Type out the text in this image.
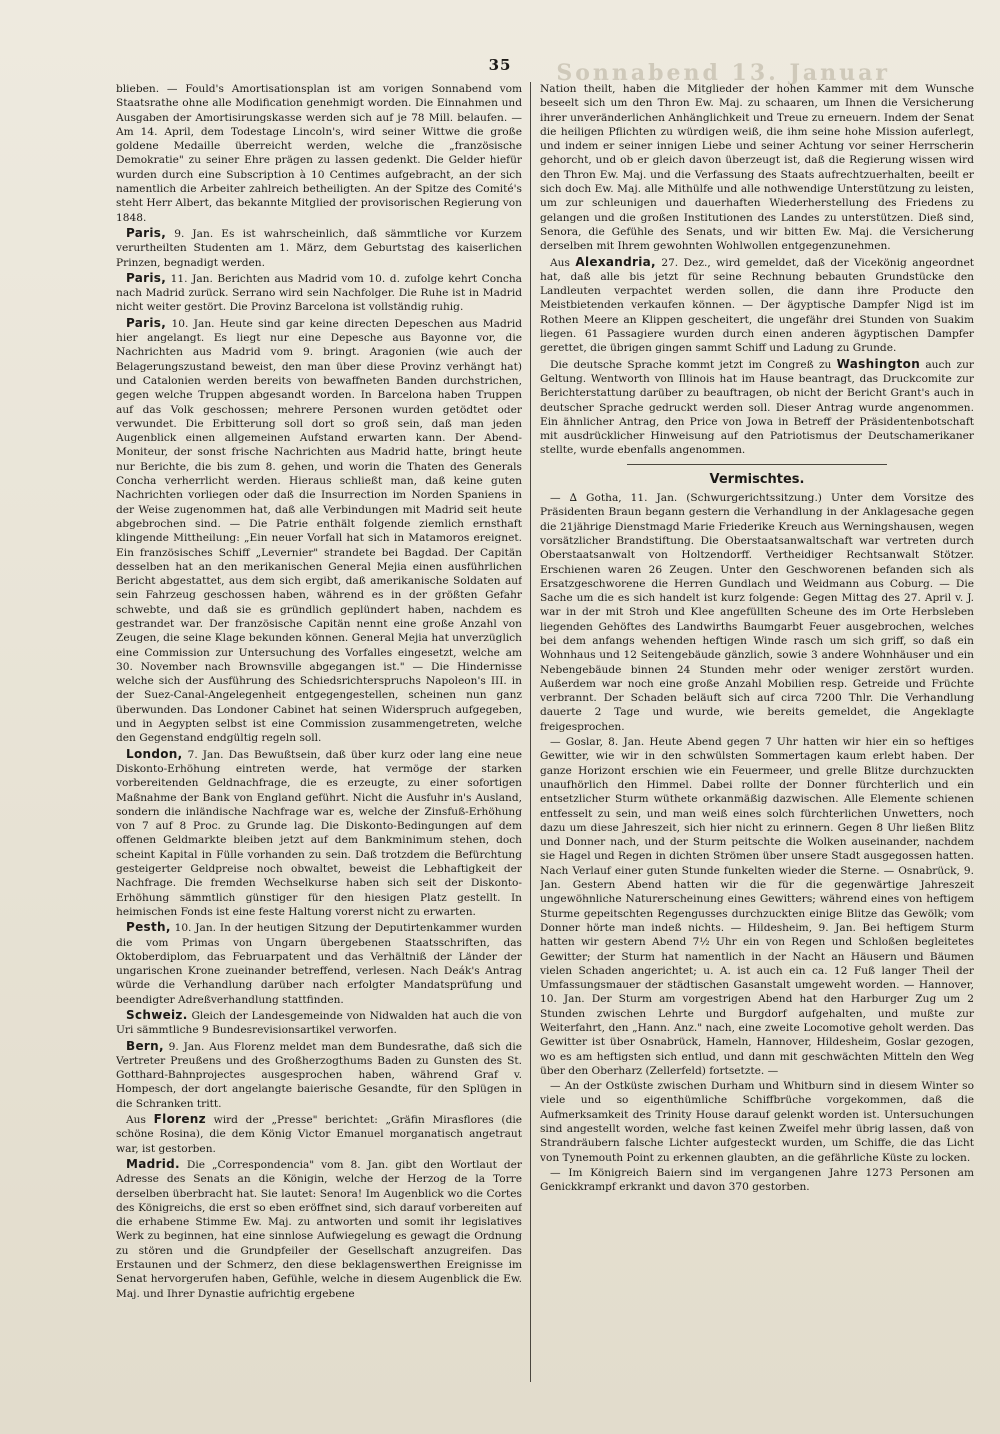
Sonnabend 13. Januar
35

blieben. — Fould's Amortisationsplan ist am vorigen Sonnabend vom Staatsrathe ohne alle Modification genehmigt worden. Die Einnahmen und Ausgaben der Amortisirungskasse werden sich auf je 78 Mill. belaufen. — Am 14. April, dem Todestage Lincoln's, wird seiner Wittwe die große goldene Medaille überreicht werden, welche die „französische Demokratie" zu seiner Ehre prägen zu lassen gedenkt. Die Gelder hiefür wurden durch eine Subscription à 10 Centimes aufgebracht, an der sich namentlich die Arbeiter zahlreich betheiligten. An der Spitze des Comité's steht Herr Albert, das bekannte Mitglied der provisorischen Regierung von 1848.

Paris, 9. Jan. Es ist wahrscheinlich, daß sämmtliche vor Kurzem verurtheilten Studenten am 1. März, dem Geburtstag des kaiserlichen Prinzen, begnadigt werden.

Paris, 11. Jan. Berichten aus Madrid vom 10. d. zufolge kehrt Concha nach Madrid zurück. Serrano wird sein Nachfolger. Die Ruhe ist in Madrid nicht weiter gestört. Die Provinz Barcelona ist vollständig ruhig.

Paris, 10. Jan. Heute sind gar keine directen Depeschen aus Madrid hier angelangt. Es liegt nur eine Depesche aus Bayonne vor, die Nachrichten aus Madrid vom 9. bringt. Aragonien (wie auch der Belagerungszustand beweist, den man über diese Provinz verhängt hat) und Catalonien werden bereits von bewaffneten Banden durchstrichen, gegen welche Truppen abgesandt worden. In Barcelona haben Truppen auf das Volk geschossen; mehrere Personen wurden getödtet oder verwundet. Die Erbitterung soll dort so groß sein, daß man jeden Augenblick einen allgemeinen Aufstand erwarten kann. Der Abend-Moniteur, der sonst frische Nachrichten aus Madrid hatte, bringt heute nur Berichte, die bis zum 8. gehen, und worin die Thaten des Generals Concha verherrlicht werden. Hieraus schließt man, daß keine guten Nachrichten vorliegen oder daß die Insurrection im Norden Spaniens in der Weise zugenommen hat, daß alle Verbindungen mit Madrid seit heute abgebrochen sind. — Die Patrie enthält folgende ziemlich ernsthaft klingende Mittheilung: „Ein neuer Vorfall hat sich in Matamoros ereignet. Ein französisches Schiff „Levernier" strandete bei Bagdad. Der Capitän desselben hat an den merikanischen General Mejia einen ausführlichen Bericht abgestattet, aus dem sich ergibt, daß amerikanische Soldaten auf sein Fahrzeug geschossen haben, während es in der größten Gefahr schwebte, und daß sie es gründlich geplündert haben, nachdem es gestrandet war. Der französische Capitän nennt eine große Anzahl von Zeugen, die seine Klage bekunden können. General Mejia hat unverzüglich eine Commission zur Untersuchung des Vorfalles eingesetzt, welche am 30. November nach Brownsville abgegangen ist." — Die Hindernisse welche sich der Ausführung des Schiedsrichterspruchs Napoleon's III. in der Suez-Canal-Angelegenheit entgegengestellen, scheinen nun ganz überwunden. Das Londoner Cabinet hat seinen Widerspruch aufgegeben, und in Aegypten selbst ist eine Commission zusammengetreten, welche den Gegenstand endgültig regeln soll.

London, 7. Jan. Das Bewußtsein, daß über kurz oder lang eine neue Diskonto-Erhöhung eintreten werde, hat vermöge der starken vorbereitenden Geldnachfrage, die es erzeugte, zu einer sofortigen Maßnahme der Bank von England geführt. Nicht die Ausfuhr in's Ausland, sondern die inländische Nachfrage war es, welche der Zinsfuß-Erhöhung von 7 auf 8 Proc. zu Grunde lag. Die Diskonto-Bedingungen auf dem offenen Geldmarkte bleiben jetzt auf dem Bankminimum stehen, doch scheint Kapital in Fülle vorhanden zu sein. Daß trotzdem die Befürchtung gesteigerter Geldpreise noch obwaltet, beweist die Lebhaftigkeit der Nachfrage. Die fremden Wechselkurse haben sich seit der Diskonto-Erhöhung sämmtlich günstiger für den hiesigen Platz gestellt. In heimischen Fonds ist eine feste Haltung vorerst nicht zu erwarten.

Pesth, 10. Jan. In der heutigen Sitzung der Deputirtenkammer wurden die vom Primas von Ungarn übergebenen Staatsschriften, das Oktoberdiplom, das Februarpatent und das Verhältniß der Länder der ungarischen Krone zueinander betreffend, verlesen. Nach Deák's Antrag würde die Verhandlung darüber nach erfolgter Mandatsprüfung und beendigter Adreßverhandlung stattfinden.

Schweiz. Gleich der Landesgemeinde von Nidwalden hat auch die von Uri sämmtliche 9 Bundesrevisionsartikel verworfen.

Bern, 9. Jan. Aus Florenz meldet man dem Bundesrathe, daß sich die Vertreter Preußens und des Großherzogthums Baden zu Gunsten des St. Gotthard-Bahnprojectes ausgesprochen haben, während Graf v. Hompesch, der dort angelangte baierische Gesandte, für den Splügen in die Schranken tritt.

Aus Florenz wird der „Presse" berichtet: „Gräfin Mirasflores (die schöne Rosina), die dem König Victor Emanuel morganatisch angetraut war, ist gestorben.

Madrid. Die „Correspondencia" vom 8. Jan. gibt den Wortlaut der Adresse des Senats an die Königin, welche der Herzog de la Torre derselben überbracht hat. Sie lautet: Senora! Im Augenblick wo die Cortes des Königreichs, die erst so eben eröffnet sind, sich darauf vorbereiten auf die erhabene Stimme Ew. Maj. zu antworten und somit ihr legislatives Werk zu beginnen, hat eine sinnlose Aufwiegelung es gewagt die Ordnung zu stören und die Grundpfeiler der Gesellschaft anzugreifen. Das Erstaunen und der Schmerz, den diese beklagenswerthen Ereignisse im Senat hervorgerufen haben, Gefühle, welche in diesem Augenblick die Ew. Maj. und Ihrer Dynastie aufrichtig ergebene

Nation theilt, haben die Mitglieder der hohen Kammer mit dem Wunsche beseelt sich um den Thron Ew. Maj. zu schaaren, um Ihnen die Versicherung ihrer unveränderlichen Anhänglichkeit und Treue zu erneuern. Indem der Senat die heiligen Pflichten zu würdigen weiß, die ihm seine hohe Mission auferlegt, und indem er seiner innigen Liebe und seiner Achtung vor seiner Herrscherin gehorcht, und ob er gleich davon überzeugt ist, daß die Regierung wissen wird den Thron Ew. Maj. und die Verfassung des Staats aufrechtzuerhalten, beeilt er sich doch Ew. Maj. alle Mithülfe und alle nothwendige Unterstützung zu leisten, um zur schleunigen und dauerhaften Wiederherstellung des Friedens zu gelangen und die großen Institutionen des Landes zu unterstützen. Dieß sind, Senora, die Gefühle des Senats, und wir bitten Ew. Maj. die Versicherung derselben mit Ihrem gewohnten Wohlwollen entgegenzunehmen.

Aus Alexandria, 27. Dez., wird gemeldet, daß der Vicekönig angeordnet hat, daß alle bis jetzt für seine Rechnung bebauten Grundstücke den Landleuten verpachtet werden sollen, die dann ihre Producte den Meistbietenden verkaufen können. — Der ägyptische Dampfer Nigd ist im Rothen Meere an Klippen gescheitert, die ungefähr drei Stunden von Suakim liegen. 61 Passagiere wurden durch einen anderen ägyptischen Dampfer gerettet, die übrigen gingen sammt Schiff und Ladung zu Grunde.

Die deutsche Sprache kommt jetzt im Congreß zu Washington auch zur Geltung. Wentworth von Illinois hat im Hause beantragt, das Druckcomite zur Berichterstattung darüber zu beauftragen, ob nicht der Bericht Grant's auch in deutscher Sprache gedruckt werden soll. Dieser Antrag wurde angenommen. Ein ähnlicher Antrag, den Price von Jowa in Betreff der Präsidentenbotschaft mit ausdrücklicher Hinweisung auf den Patriotismus der Deutschamerikaner stellte, wurde ebenfalls angenommen.

Vermischtes.

— ∆ Gotha, 11. Jan. (Schwurgerichtssitzung.) Unter dem Vorsitze des Präsidenten Braun begann gestern die Verhandlung in der Anklagesache gegen die 21jährige Dienstmagd Marie Friederike Kreuch aus Werningshausen, wegen vorsätzlicher Brandstiftung. Die Oberstaatsanwaltschaft war vertreten durch Oberstaatsanwalt von Holtzendorff. Vertheidiger Rechtsanwalt Stötzer. Erschienen waren 26 Zeugen. Unter den Geschworenen befanden sich als Ersatzgeschworene die Herren Gundlach und Weidmann aus Coburg. — Die Sache um die es sich handelt ist kurz folgende: Gegen Mittag des 27. April v. J. war in der mit Stroh und Klee angefüllten Scheune des im Orte Herbsleben liegenden Gehöftes des Landwirths Baumgarbt Feuer ausgebrochen, welches bei dem anfangs wehenden heftigen Winde rasch um sich griff, so daß ein Wohnhaus und 12 Seitengebäude gänzlich, sowie 3 andere Wohnhäuser und ein Nebengebäude binnen 24 Stunden mehr oder weniger zerstört wurden. Außerdem war noch eine große Anzahl Mobilien resp. Getreide und Früchte verbrannt. Der Schaden beläuft sich auf circa 7200 Thlr. Die Verhandlung dauerte 2 Tage und wurde, wie bereits gemeldet, die Angeklagte freigesprochen.

— Goslar, 8. Jan. Heute Abend gegen 7 Uhr hatten wir hier ein so heftiges Gewitter, wie wir in den schwülsten Sommertagen kaum erlebt haben. Der ganze Horizont erschien wie ein Feuermeer, und grelle Blitze durchzuckten unaufhörlich den Himmel. Dabei rollte der Donner fürchterlich und ein entsetzlicher Sturm wüthete orkanmäßig dazwischen. Alle Elemente schienen entfesselt zu sein, und man weiß eines solch fürchterlichen Unwetters, noch dazu um diese Jahreszeit, sich hier nicht zu erinnern. Gegen 8 Uhr ließen Blitz und Donner nach, und der Sturm peitschte die Wolken auseinander, nachdem sie Hagel und Regen in dichten Strömen über unsere Stadt ausgegossen hatten. Nach Verlauf einer guten Stunde funkelten wieder die Sterne. — Osnabrück, 9. Jan. Gestern Abend hatten wir die für die gegenwärtige Jahreszeit ungewöhnliche Naturerscheinung eines Gewitters; während eines von heftigem Sturme gepeitschten Regengusses durchzuckten einige Blitze das Gewölk; vom Donner hörte man indeß nichts. — Hildesheim, 9. Jan. Bei heftigem Sturm hatten wir gestern Abend 7½ Uhr ein von Regen und Schloßen begleitetes Gewitter; der Sturm hat namentlich in der Nacht an Häusern und Bäumen vielen Schaden angerichtet; u. A. ist auch ein ca. 12 Fuß langer Theil der Umfassungsmauer der städtischen Gasanstalt umgeweht worden. — Hannover, 10. Jan. Der Sturm am vorgestrigen Abend hat den Harburger Zug um 2 Stunden zwischen Lehrte und Burgdorf aufgehalten, und mußte zur Weiterfahrt, den „Hann. Anz." nach, eine zweite Locomotive geholt werden. Das Gewitter ist über Osnabrück, Hameln, Hannover, Hildesheim, Goslar gezogen, wo es am heftigsten sich entlud, und dann mit geschwächten Mitteln den Weg über den Oberharz (Zellerfeld) fortsetzte. —

— An der Ostküste zwischen Durham und Whitburn sind in diesem Winter so viele und so eigenthümliche Schiffbrüche vorgekommen, daß die Aufmerksamkeit des Trinity House darauf gelenkt worden ist. Untersuchungen sind angestellt worden, welche fast keinen Zweifel mehr übrig lassen, daß von Strandräubern falsche Lichter aufgesteckt wurden, um Schiffe, die das Licht von Tynemouth Point zu erkennen glaubten, an die gefährliche Küste zu locken.

— Im Königreich Baiern sind im vergangenen Jahre 1273 Personen am Genickkrampf erkrankt und davon 370 gestorben.
